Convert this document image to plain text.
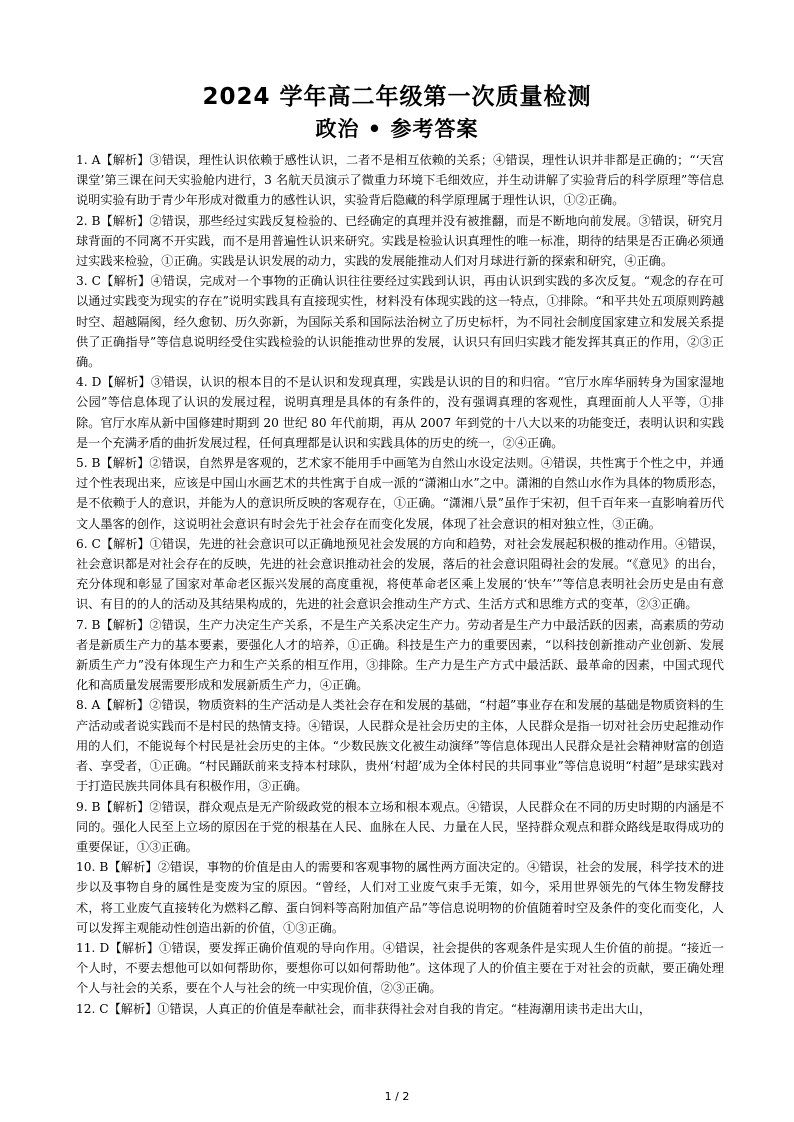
2024 学年高二年级第一次质量检测
政治 • 参考答案

1. A【解析】③错误，理性认识依赖于感性认识，二者不是相互依赖的关系；④错误，理性认识并非都是正确的；“‘天宫课堂’第三课在问天实验舱内进行，3 名航天员演示了微重力环境下毛细效应，并生动讲解了实验背后的科学原理”等信息说明实验有助于青少年形成对微重力的感性认识，实验背后隐藏的科学原理属于理性认识，①②正确。

2. B【解析】②错误，那些经过实践反复检验的、已经确定的真理并没有被推翻，而是不断地向前发展。③错误，研究月球背面的不同离不开实践，而不是用普遍性认识来研究。实践是检验认识真理性的唯一标准，期待的结果是否正确必须通过实践来检验，①正确。实践是认识发展的动力，实践的发展能推动人们对月球进行新的探索和研究，④正确。

3. C【解析】④错误，完成对一个事物的正确认识往往要经过实践到认识，再由认识到实践的多次反复。“观念的存在可以通过实践变为现实的存在”说明实践具有直接现实性，材料没有体现实践的这一特点，①排除。“和平共处五项原则跨越时空、超越隔阂，经久愈韧、历久弥新，为国际关系和国际法治树立了历史标杆，为不同社会制度国家建立和发展关系提供了正确指导”等信息说明经受住实践检验的认识能推动世界的发展，认识只有回归实践才能发挥其真正的作用，②③正确。

4. D【解析】③错误，认识的根本目的不是认识和发现真理，实践是认识的目的和归宿。“官厅水库华丽转身为国家湿地公园”等信息体现了认识的发展过程，说明真理是具体的有条件的，没有强调真理的客观性，真理面前人人平等，①排除。官厅水库从新中国修建时期到 20 世纪 80 年代前期，再从 2007 年到党的十八大以来的功能变迁，表明认识和实践是一个充满矛盾的曲折发展过程，任何真理都是认识和实践具体的历史的统一，②④正确。

5. B【解析】②错误，自然界是客观的，艺术家不能用手中画笔为自然山水设定法则。④错误，共性寓于个性之中，并通过个性表现出来，应该是中国山水画艺术的共性寓于自成一派的“潇湘山水”之中。潇湘的自然山水作为具体的物质形态，是不依赖于人的意识，并能为人的意识所反映的客观存在，①正确。“潇湘八景”虽作于宋初，但千百年来一直影响着历代文人墨客的创作，这说明社会意识有时会先于社会存在而变化发展，体现了社会意识的相对独立性，③正确。

6. C【解析】①错误，先进的社会意识可以正确地预见社会发展的方向和趋势，对社会发展起积极的推动作用。④错误，社会意识都是对社会存在的反映，先进的社会意识推动社会的发展，落后的社会意识阻碍社会的发展。“《意见》的出台，充分体现和彰显了国家对革命老区振兴发展的高度重视，将使革命老区乘上发展的‘快车’”等信息表明社会历史是由有意识、有目的的人的活动及其结果构成的，先进的社会意识会推动生产方式、生活方式和思维方式的变革，②③正确。

7. B【解析】②错误，生产力决定生产关系，不是生产关系决定生产力。劳动者是生产力中最活跃的因素，高素质的劳动者是新质生产力的基本要素，要强化人才的培养，①正确。科技是生产力的重要因素，“以科技创新推动产业创新、发展新质生产力”没有体现生产力和生产关系的相互作用，③排除。生产力是生产方式中最活跃、最革命的因素，中国式现代化和高质量发展需要形成和发展新质生产力，④正确。

8. A【解析】②错误，物质资料的生产活动是人类社会存在和发展的基础，“村超”事业存在和发展的基础是物质资料的生产活动或者说实践而不是村民的热情支持。④错误，人民群众是社会历史的主体，人民群众是指一切对社会历史起推动作用的人们，不能说每个村民是社会历史的主体。“少数民族文化被生动演绎”等信息体现出人民群众是社会精神财富的创造者、享受者，①正确。“村民踊跃前来支持本村球队，贵州‘村超’成为全体村民的共同事业”等信息说明“村超”是球实践对于打造民族共同体具有积极作用，③正确。

9. B【解析】②错误，群众观点是无产阶级政党的根本立场和根本观点。④错误，人民群众在不同的历史时期的内涵是不同的。强化人民至上立场的原因在于党的根基在人民、血脉在人民、力量在人民，坚持群众观点和群众路线是取得成功的重要保证，①③正确。

10. B【解析】②错误，事物的价值是由人的需要和客观事物的属性两方面决定的。④错误，社会的发展，科学技术的进步以及事物自身的属性是变废为宝的原因。“曾经，人们对工业废气束手无策，如今，采用世界领先的气体生物发酵技术，将工业废气直接转化为燃料乙醇、蛋白饲料等高附加值产品”等信息说明物的价值随着时空及条件的变化而变化，人可以发挥主观能动性创造出新的价值，①③正确。

11. D【解析】①错误，要发挥正确价值观的导向作用。④错误，社会提供的客观条件是实现人生价值的前提。“接近一个人时，不要去想他可以如何帮助你，要想你可以如何帮助他”。这体现了人的价值主要在于对社会的贡献，要正确处理个人与社会的关系，要在个人与社会的统一中实现价值，②③正确。

12. C【解析】①错误，人真正的价值是奉献社会，而非获得社会对自我的肯定。“桂海潮用读书走出大山，

1 / 2
